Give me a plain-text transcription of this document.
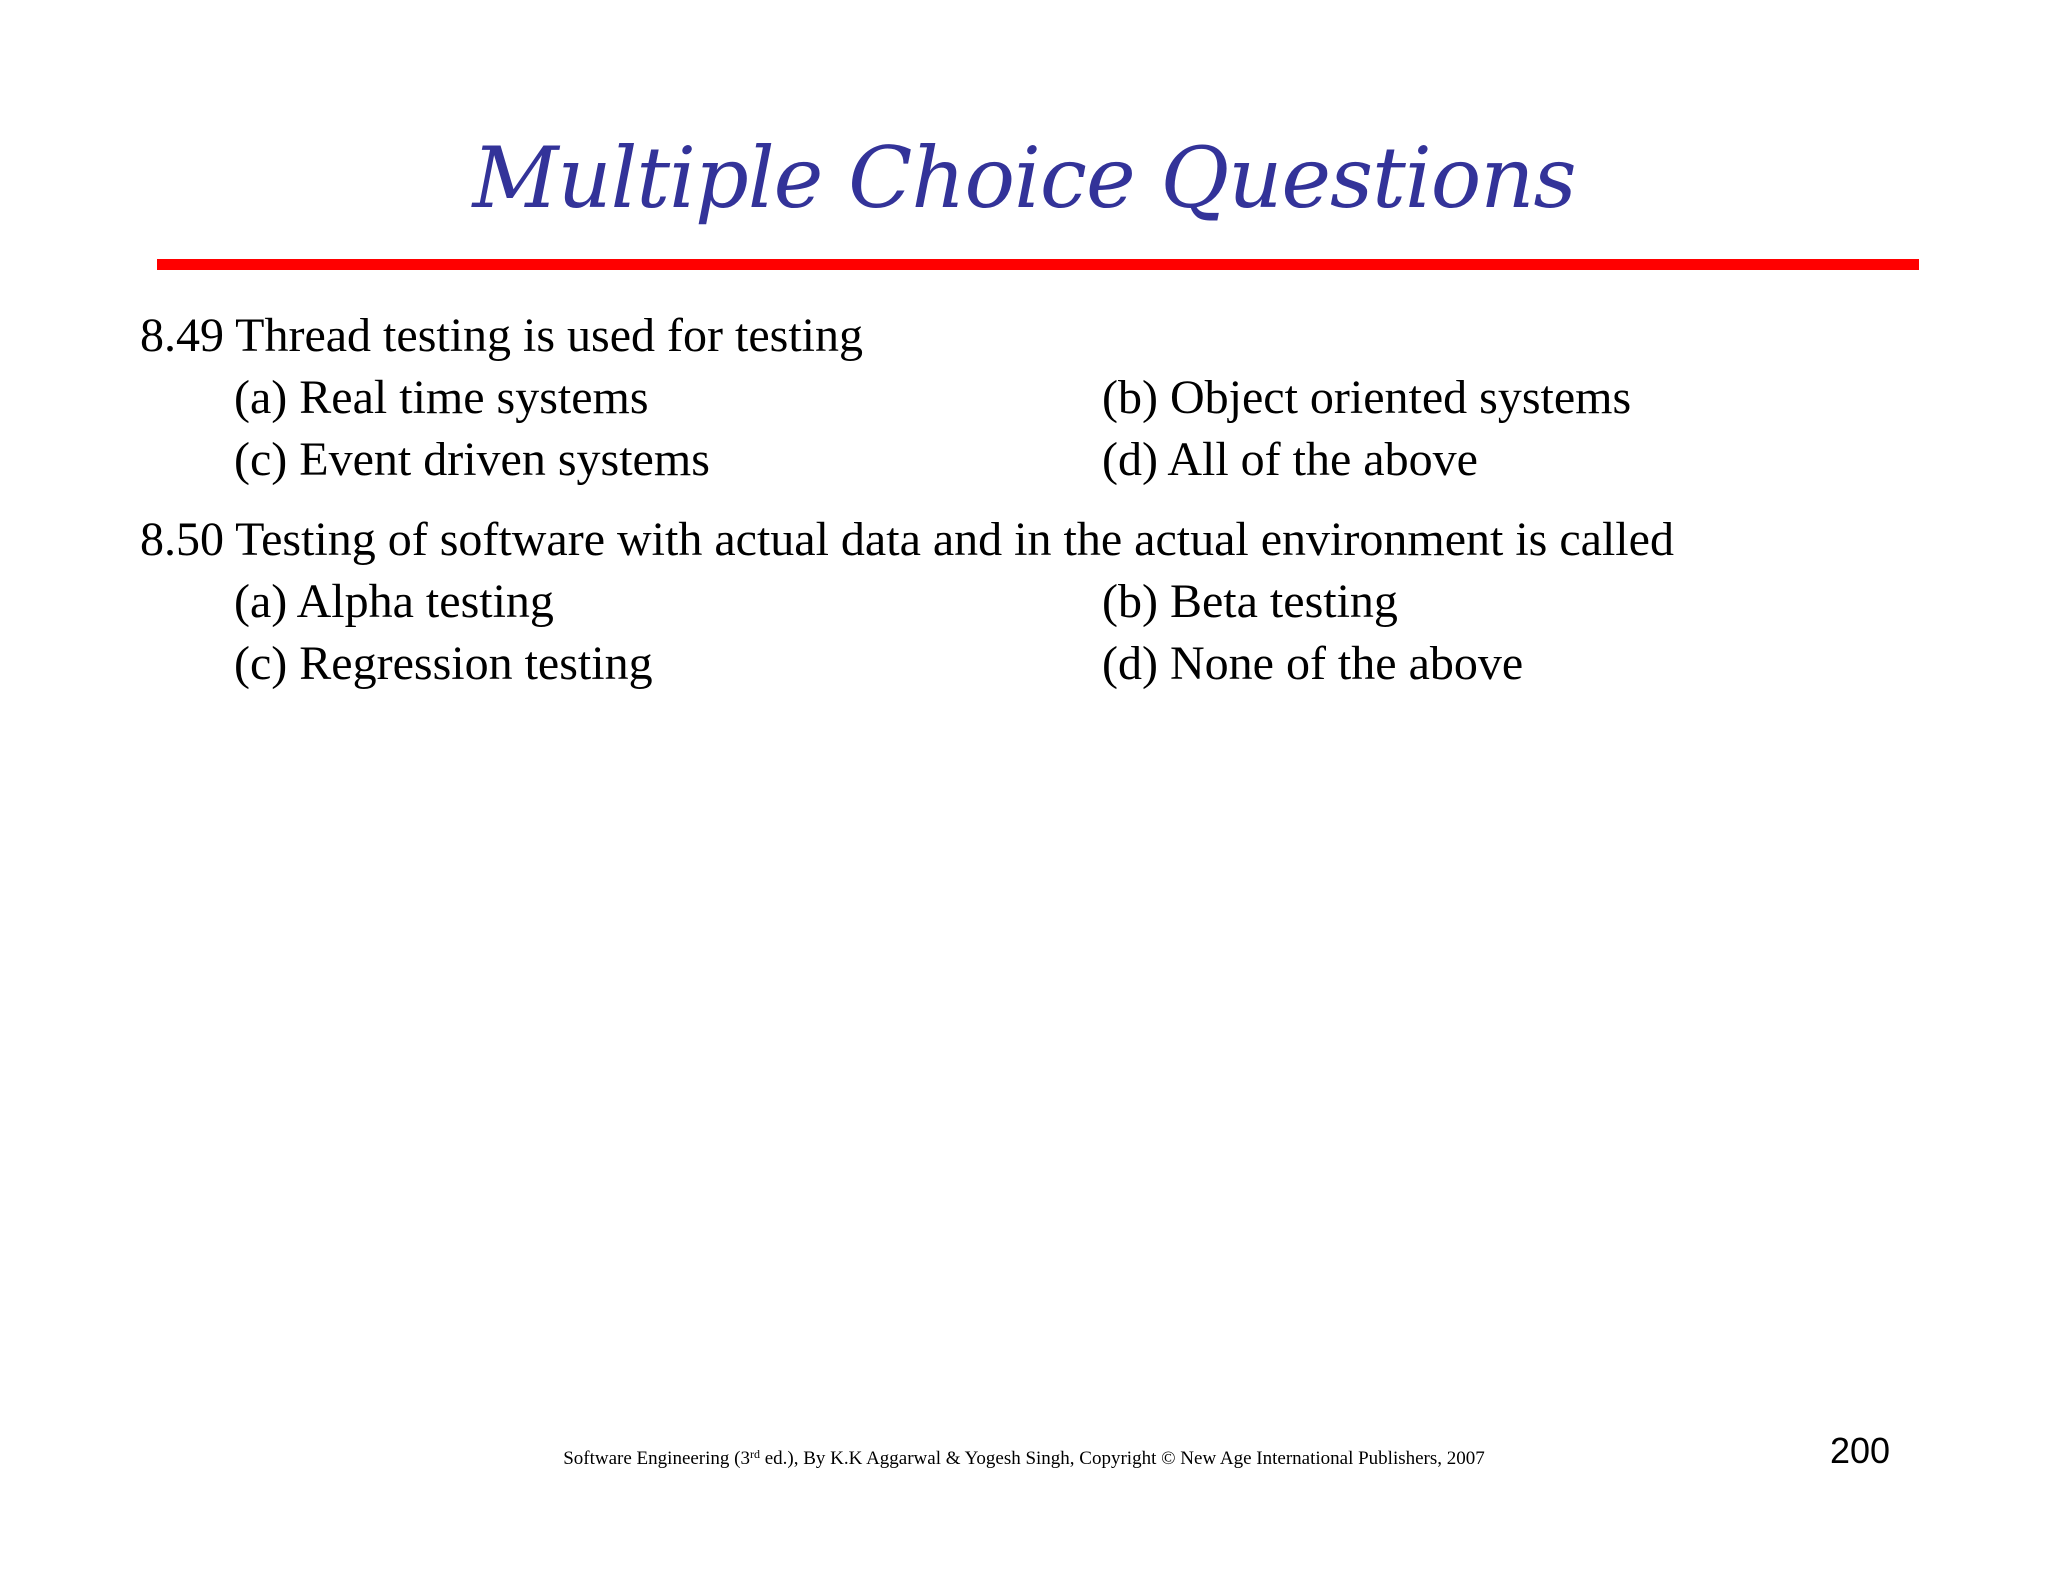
Multiple Choice Questions
8.49 Thread testing is used for testing
(a) Real time systems	(b) Object oriented systems
(c) Event driven systems	(d) All of the above
8.50 Testing of software with actual data and in the actual environment is called
(a) Alpha testing	(b) Beta testing
(c) Regression testing	(d) None of the above
Software Engineering (3rd ed.), By K.K Aggarwal & Yogesh Singh, Copyright © New Age International Publishers, 2007	200
